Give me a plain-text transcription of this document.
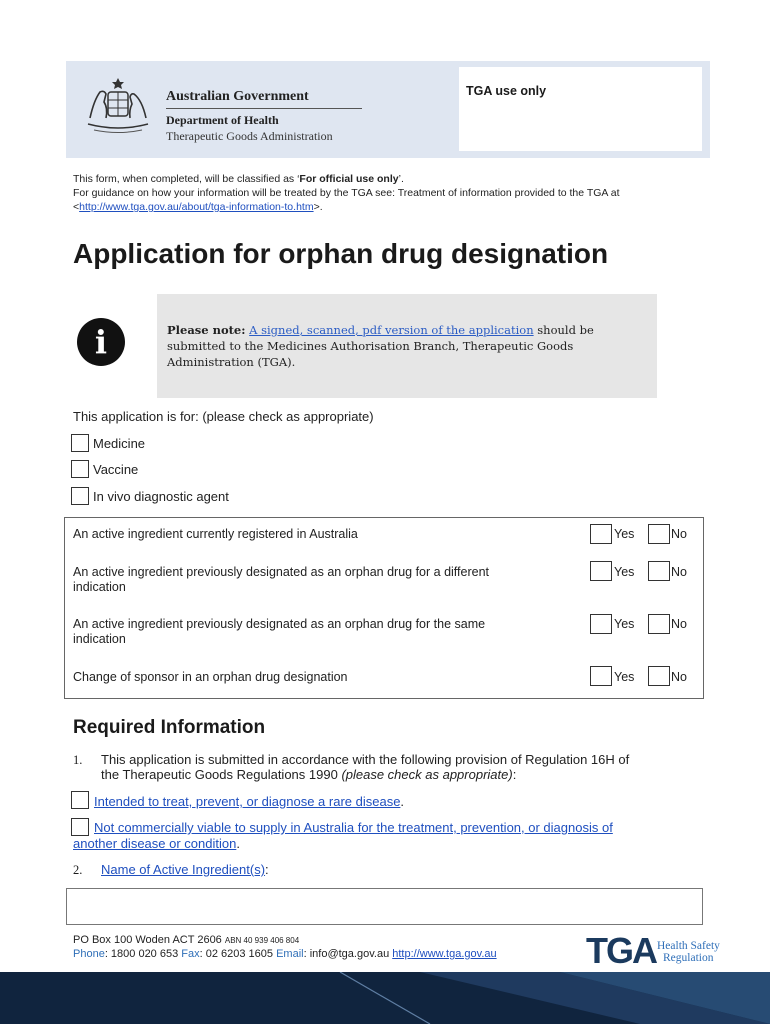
Australian Government
Department of Health
Therapeutic Goods Administration
TGA use only
This form, when completed, will be classified as ‘For official use only’.
For guidance on how your information will be treated by the TGA see: Treatment of information provided to the TGA at
<http://www.tga.gov.au/about/tga-information-to.htm>.
Application for orphan drug designation
i	Please note: A signed, scanned, pdf version of the application should be
submitted to the Medicines Authorisation Branch, Therapeutic Goods
Administration (TGA).
This application is for: (please check as appropriate)
Medicine
Vaccine
In vivo diagnostic agent
An active ingredient currently registered in Australia	Yes	No
An active ingredient previously designated as an orphan drug for a different
indication
Yes	No
An active ingredient previously designated as an orphan drug for the same
indication
Yes	No
Change of sponsor in an orphan drug designation	Yes	No
Required Information
1. This application is submitted in accordance with the following provision of Regulation 16H of
the Therapeutic Goods Regulations 1990 (please check as appropriate):
Intended to treat, prevent, or diagnose a rare disease.
Not commercially viable to supply in Australia for the treatment, prevention, or diagnosis of
another disease or condition.
2. Name of Active Ingredient(s):
PO Box 100 Woden ACT 2606 ABN 40 939 406 804
Phone: 1800 020 653 Fax: 02 6203 1605 Email: info@tga.gov.au http://www.tga.gov.au TGA Health Safety
Regulation
